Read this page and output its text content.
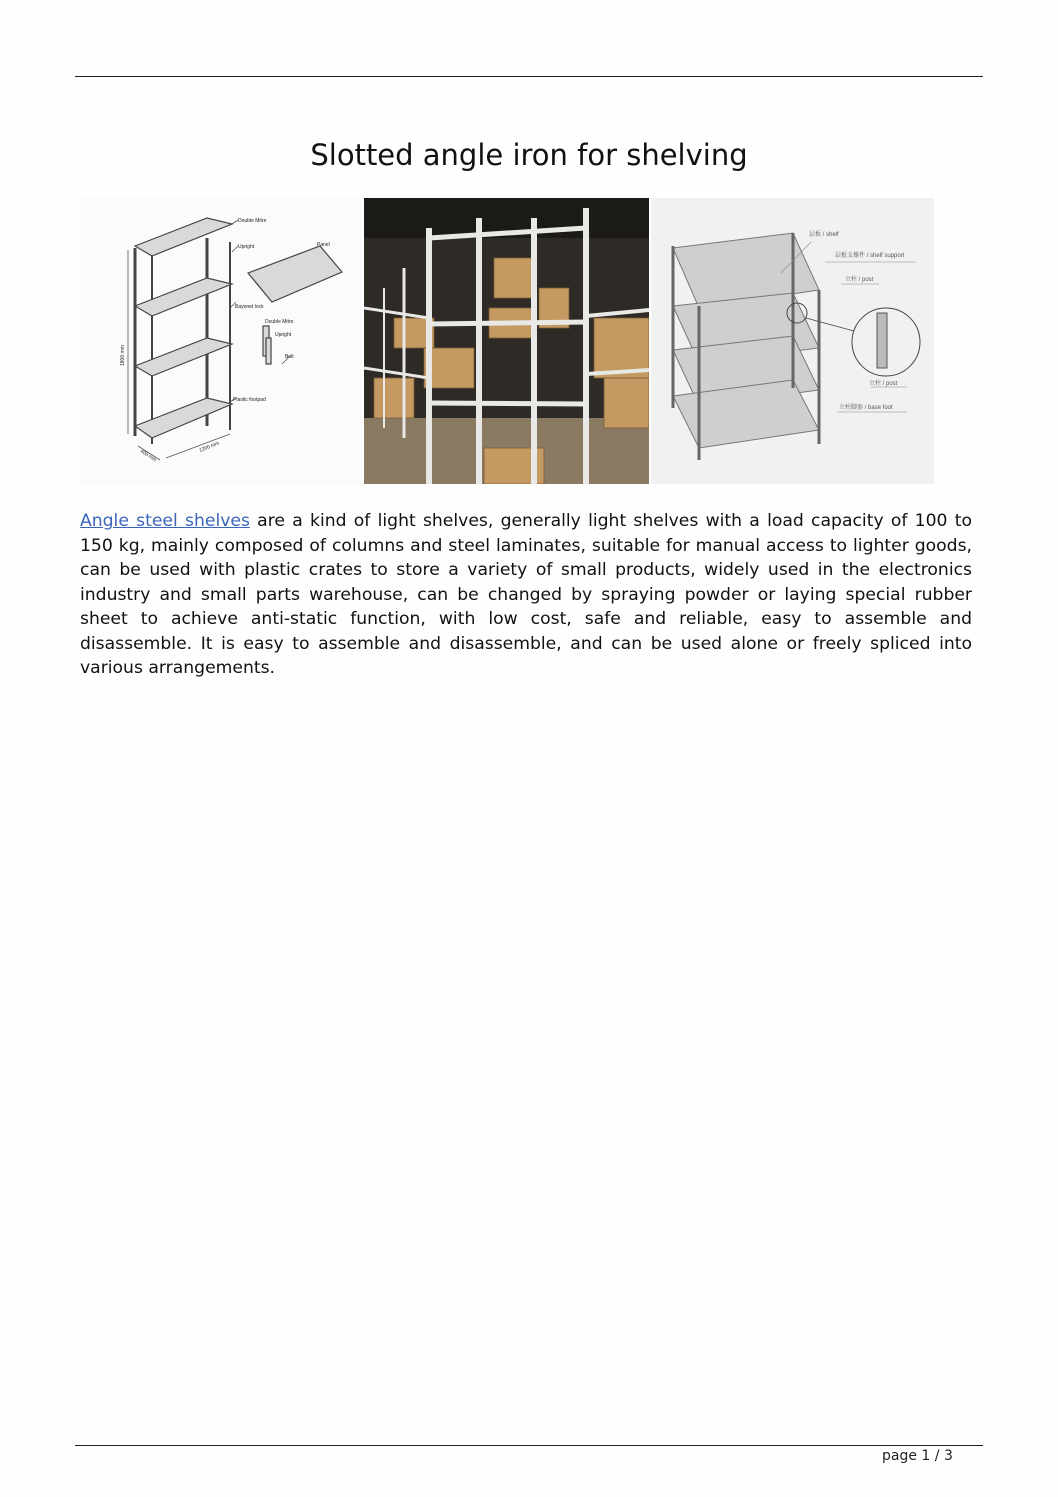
Slotted angle iron for shelving
Double Mitre
Upright	Panel
Bayonet lock
Double Mitre
Upright
Bolt
Plastic footpad
1800 mm
1200 mm
400 mm
层板 / shelf
层板支撑件 / shelf support
立柱 / post
立柱 / post
立柱脚套 / base foot

Angle steel shelves are a kind of light shelves, generally light shelves with a load capacity of 100 to 150 kg, mainly composed of columns and steel laminates, suitable for manual access to lighter goods, can be used with plastic crates to store a variety of small products, widely used in the electronics industry and small parts warehouse, can be changed by spraying powder or laying special rubber sheet to achieve anti-static function, with low cost, safe and reliable, easy to assemble and disassemble. It is easy to assemble and disassemble, and can be used alone or freely spliced into various arrangements.

page 1 / 3
